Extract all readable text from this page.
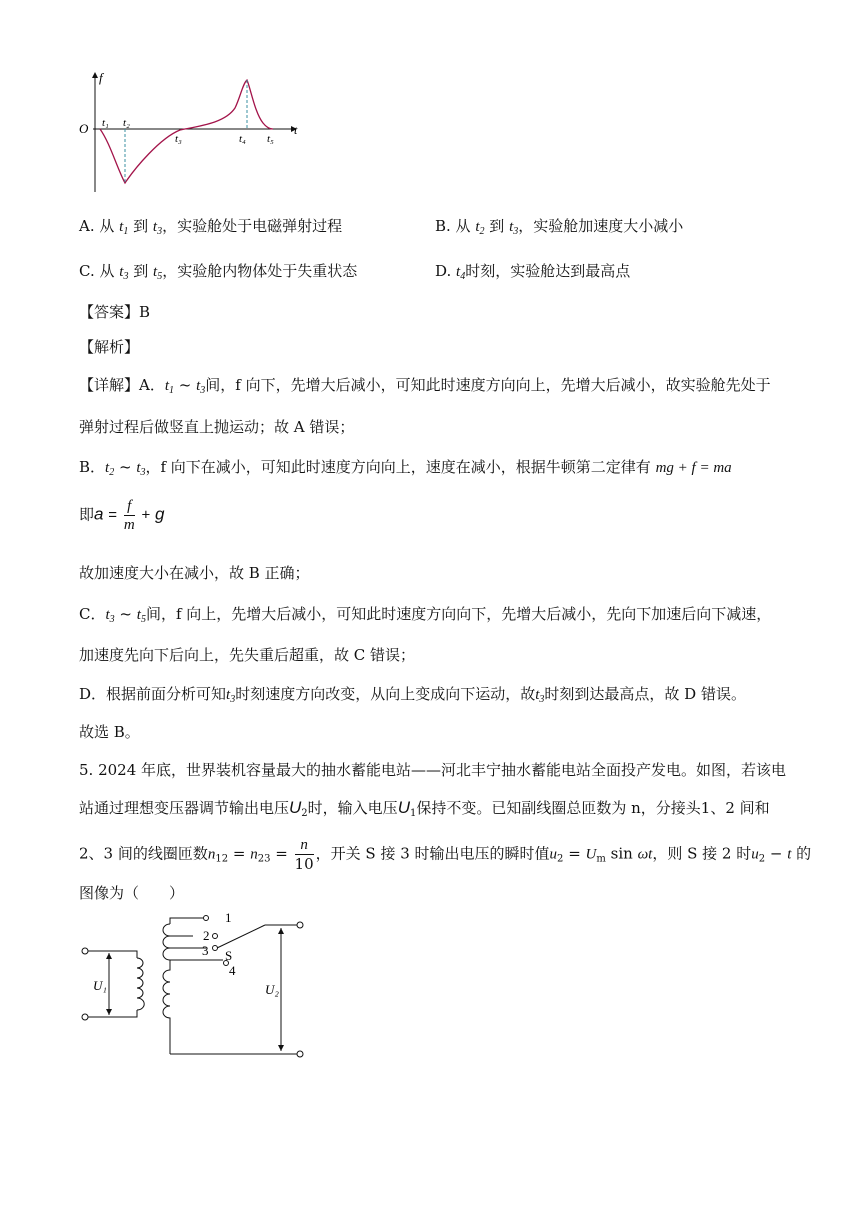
f
O	t
t₁ t₂
t₃	t₄ t₅
A. 从 $t_1$ 到 $t_3$，实验舱处于电磁弹射过程	B. 从 $t_2$ 到 $t_3$，实验舱加速度大小减小
C. 从 $t_3$ 到 $t_5$，实验舱内物体处于失重状态	D. $t_4$时刻，实验舱达到最高点
【答案】B
【解析】
【详解】A．$t_1$ ~ $t_3$间，f 向下，先增大后减小，可知此时速度方向向上，先增大后减小，故实验舱先处于
弹射过程后做竖直上抛运动；故 A 错误；
B．$t_2$ ~ $t_3$，f 向下在减小，可知此时速度方向向上，速度在减小，根据牛顿第二定律有 mg + f = ma
即$a = \frac{f}{m} + g$
故加速度大小在减小，故 B 正确；
C．$t_3$ ~ $t_5$间，f 向上，先增大后减小，可知此时速度方向向下，先增大后减小，先向下加速后向下减速，
加速度先向下后向上，先失重后超重，故 C 错误；
D．根据前面分析可知$t_3$时刻速度方向改变，从向上变成向下运动，故$t_3$时刻到达最高点，故 D 错误。
故选 B。
5. 2024 年底，世界装机容量最大的抽水蓄能电站——河北丰宁抽水蓄能电站全面投产发电。如图，若该电
站通过理想变压器调节输出电压$U_2$时，输入电压$U_1$保持不变。已知副线圈总匝数为 n，分接头1、2 间和
2、3 间的线圈匝数$n_{12} = n_{23} = \frac{n}{10}$ ，开关 S 接 3 时输出电压的瞬时值$u_2 = U_m$ sin ωt，则 S 接 2 时$u_2 - t$ 的
图像为（　　）
1
2
3
4
S
U₁	U₂
